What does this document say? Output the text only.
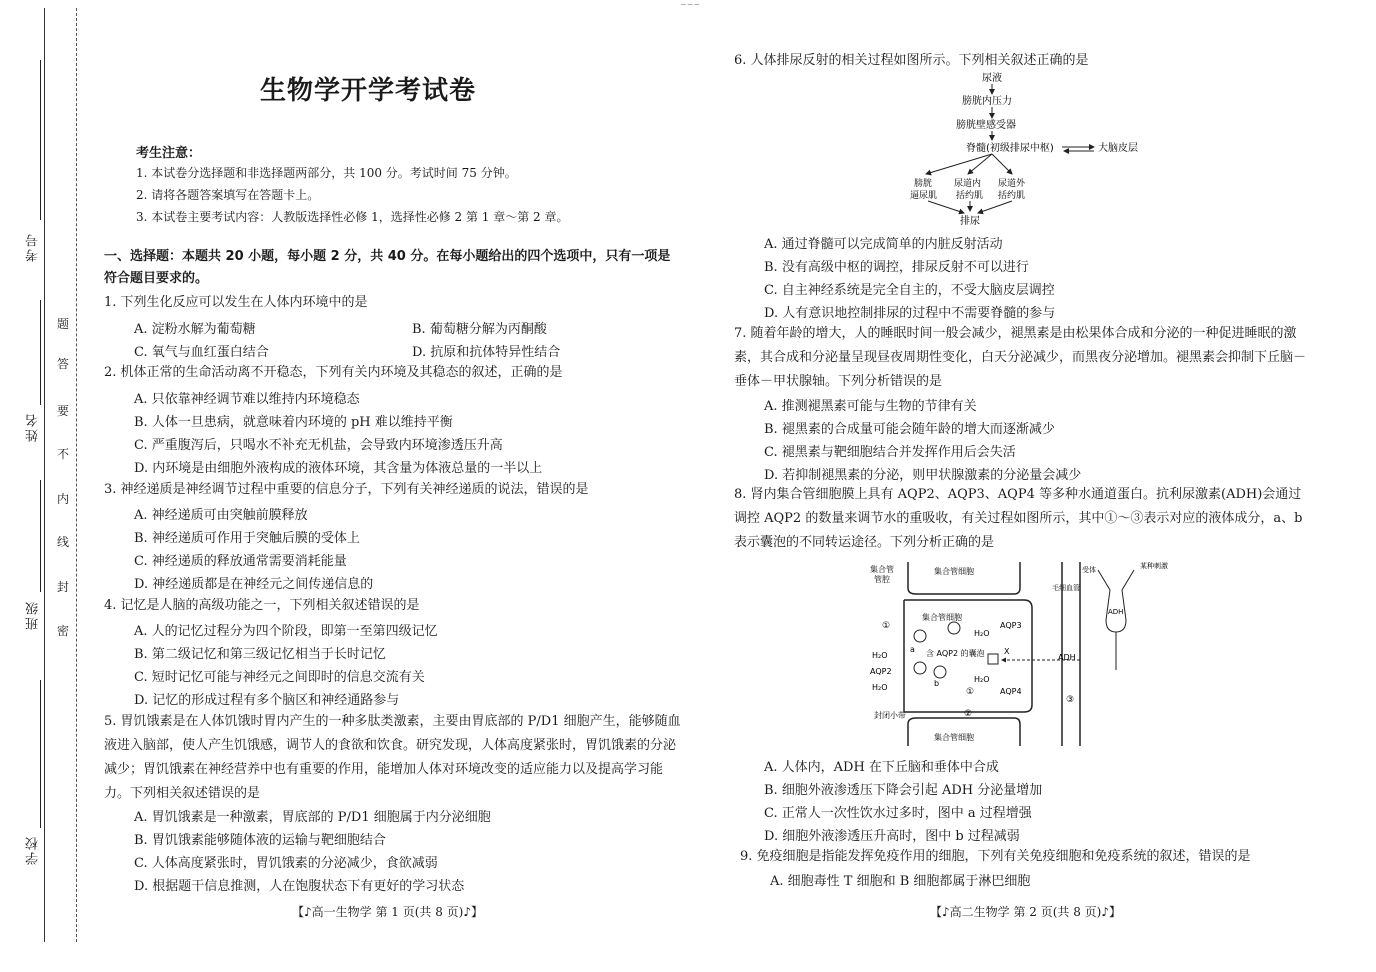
考号
姓名
班级
学校
题
答
要
不
内
线
封
密
生物学开学考试卷
考生注意：
1. 本试卷分选择题和非选择题两部分，共 100 分。考试时间 75 分钟。
2. 请将各题答案填写在答题卡上。
3. 本试卷主要考试内容：人教版选择性必修 1，选择性必修 2 第 1 章～第 2 章。
一、选择题：本题共 20 小题，每小题 2 分，共 40 分。在每小题给出的四个选项中，只有一项是符合题目要求的。
1. 下列生化反应可以发生在人体内环境中的是
A. 淀粉水解为葡萄糖	B. 葡萄糖分解为丙酮酸
C. 氧气与血红蛋白结合	D. 抗原和抗体特异性结合
2. 机体正常的生命活动离不开稳态，下列有关内环境及其稳态的叙述，正确的是
A. 只依靠神经调节难以维持内环境稳态
B. 人体一旦患病，就意味着内环境的 pH 难以维持平衡
C. 严重腹泻后，只喝水不补充无机盐，会导致内环境渗透压升高
D. 内环境是由细胞外液构成的液体环境，其含量为体液总量的一半以上
3. 神经递质是神经调节过程中重要的信息分子，下列有关神经递质的说法，错误的是
A. 神经递质可由突触前膜释放
B. 神经递质可作用于突触后膜的受体上
C. 神经递质的释放通常需要消耗能量
D. 神经递质都是在神经元之间传递信息的
4. 记忆是人脑的高级功能之一，下列相关叙述错误的是
A. 人的记忆过程分为四个阶段，即第一至第四级记忆
B. 第二级记忆和第三级记忆相当于长时记忆
C. 短时记忆可能与神经元之间即时的信息交流有关
D. 记忆的形成过程有多个脑区和神经通路参与
5. 胃饥饿素是在人体饥饿时胃内产生的一种多肽类激素，主要由胃底部的 P/D1 细胞产生，能够随血液进入脑部，使人产生饥饿感，调节人的食欲和饮食。研究发现，人体高度紧张时，胃饥饿素的分泌减少；胃饥饿素在神经营养中也有重要的作用，能增加人体对环境改变的适应能力以及提高学习能力。下列相关叙述错误的是
A. 胃饥饿素是一种激素，胃底部的 P/D1 细胞属于内分泌细胞
B. 胃饥饿素能够随体液的运输与靶细胞结合
C. 人体高度紧张时，胃饥饿素的分泌减少，食欲减弱
D. 根据题干信息推测，人在饱腹状态下有更好的学习状态
【♪高一生物学 第 1 页(共 8 页)♪】
~~~
6. 人体排尿反射的相关过程如图所示。下列相关叙述正确的是
尿液
膀胱内压力
膀胱壁感受器
脊髓(初级排尿中枢)	大脑皮层
膀胱
逼尿肌
尿道内
括约肌
尿道外
括约肌
排尿
A. 通过脊髓可以完成简单的内脏反射活动
B. 没有高级中枢的调控，排尿反射不可以进行
C. 自主神经系统是完全自主的，不受大脑皮层调控
D. 人有意识地控制排尿的过程中不需要脊髓的参与
7. 随着年龄的增大，人的睡眠时间一般会减少，褪黑素是由松果体合成和分泌的一种促进睡眠的激素，其合成和分泌量呈现昼夜周期性变化，白天分泌减少，而黑夜分泌增加。褪黑素会抑制下丘脑－垂体－甲状腺轴。下列分析错误的是
A. 推测褪黑素可能与生物的节律有关
B. 褪黑素的合成量可能会随年龄的增大而逐渐减少
C. 褪黑素与靶细胞结合并发挥作用后会失活
D. 若抑制褪黑素的分泌，则甲状腺激素的分泌量会减少
8. 肾内集合管细胞膜上具有 AQP2、AQP3、AQP4 等多种水通道蛋白。抗利尿激素(ADH)会通过调控 AQP2 的数量来调节水的重吸收，有关过程如图所示，其中①～③表示对应的液体成分，a、b 表示囊泡的不同转运途径。下列分析正确的是
集合管
管腔
集合管细胞
集合管细胞
含 AQP2 的囊泡
①
H₂O
AQP2
H₂O
a
b
H₂O
AQP3
X
H₂O
AQP4
①
封闭小带	②
集合管细胞
毛细血管
ADH
③
受体
ADH
某种刺激
A. 人体内，ADH 在下丘脑和垂体中合成
B. 细胞外液渗透压下降会引起 ADH 分泌量增加
C. 正常人一次性饮水过多时，图中 a 过程增强
D. 细胞外液渗透压升高时，图中 b 过程减弱
9. 免疫细胞是指能发挥免疫作用的细胞，下列有关免疫细胞和免疫系统的叙述，错误的是
A. 细胞毒性 T 细胞和 B 细胞都属于淋巴细胞
【♪高二生物学 第 2 页(共 8 页)♪】
